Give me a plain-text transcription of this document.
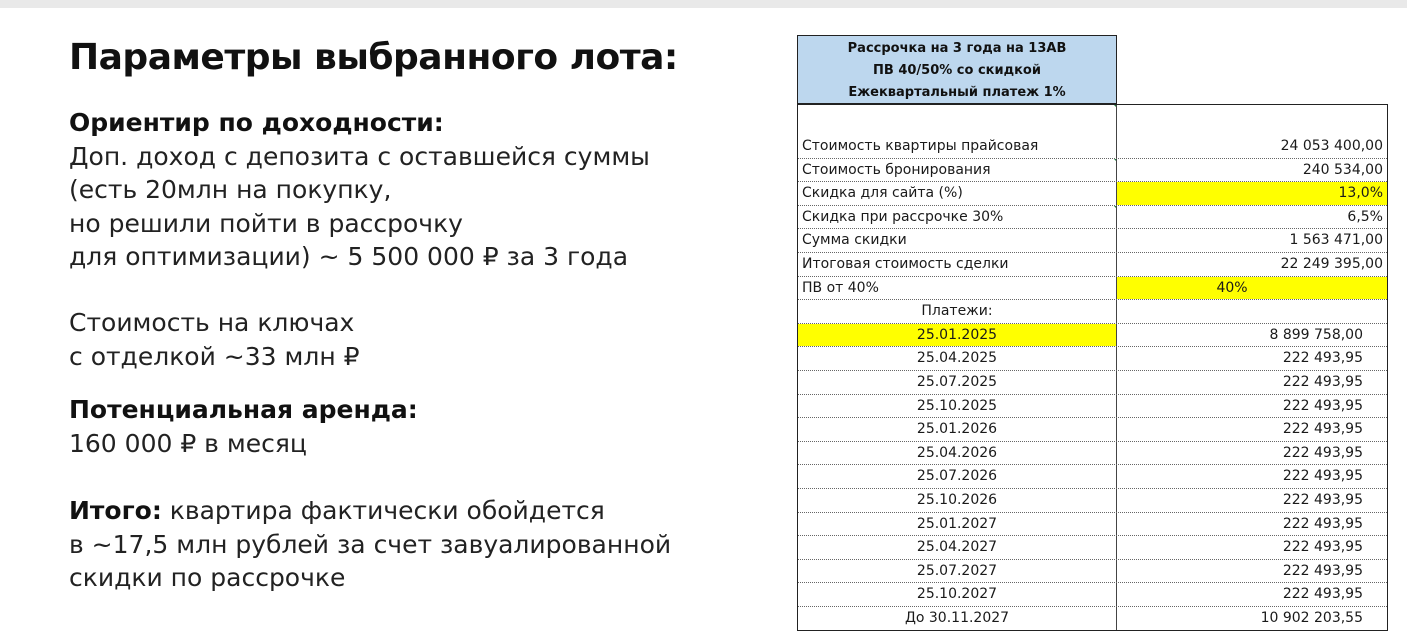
Параметры выбранного лота:
Ориентир по доходности:
Доп. доход с депозита с оставшейся суммы
(есть 20млн на покупку,
но решили пойти в рассрочку
для оптимизации) ~ 5 500 000 ₽ за 3 года
Стоимость на ключах
с отделкой ~33 млн ₽
Потенциальная аренда:
160 000 ₽ в месяц
Итого: квартира фактически обойдется
в ~17,5 млн рублей за счет завуалированной
скидки по рассрочке
Рассрочка на 3 года на 13АВ
ПВ 40/50% со скидкой
Ежеквартальный платеж 1%
Стоимость квартиры прайсовая	24 053 400,00
Стоимость бронирования	240 534,00
Скидка для сайта (%)	13,0%
Скидка при рассрочке 30%	6,5%
Сумма скидки	1 563 471,00
Итоговая стоимость сделки	22 249 395,00
ПВ от 40%	40%
Платежи:
25.01.2025	8 899 758,00
25.04.2025	222 493,95
25.07.2025	222 493,95
25.10.2025	222 493,95
25.01.2026	222 493,95
25.04.2026	222 493,95
25.07.2026	222 493,95
25.10.2026	222 493,95
25.01.2027	222 493,95
25.04.2027	222 493,95
25.07.2027	222 493,95
25.10.2027	222 493,95
До 30.11.2027	10 902 203,55
